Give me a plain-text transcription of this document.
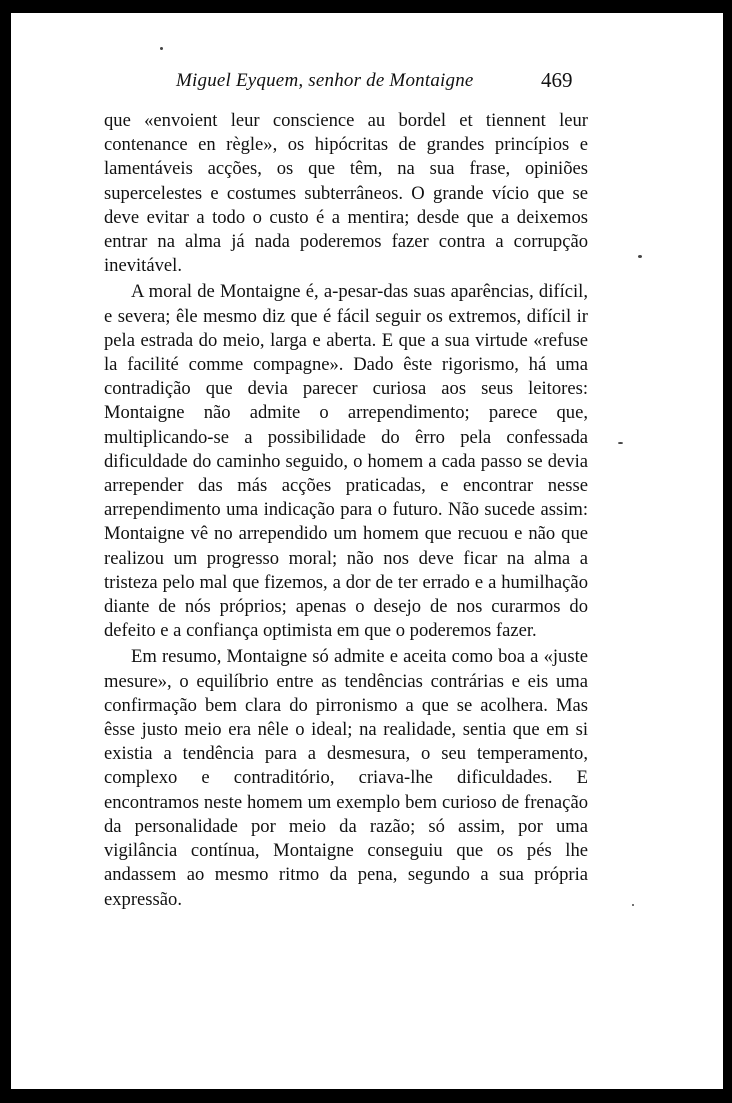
Miguel Eyquem, senhor de Montaigne	469

que «envoient leur conscience au bordel et tiennent leur contenance en règle», os hipócritas de grandes princípios e lamentáveis acções, os que têm, na sua frase, opiniões supercelestes e costumes subterrâneos. O grande vício que se deve evitar a todo o custo é a mentira; desde que a deixemos entrar na alma já nada poderemos fazer contra a corrupção inevitável.

A moral de Montaigne é, a-pesar-das suas aparências, difícil, e severa; êle mesmo diz que é fácil seguir os extremos, difícil ir pela estrada do meio, larga e aberta. E que a sua virtude «refuse la facilité comme compagne». Dado êste rigorismo, há uma contradição que devia parecer curiosa aos seus leitores: Montaigne não admite o arrependimento; parece que, multiplicando-se a possibilidade do êrro pela confessada dificuldade do caminho seguido, o homem a cada passo se devia arrepender das más acções praticadas, e encontrar nesse arrependimento uma indicação para o futuro. Não sucede assim: Montaigne vê no arrependido um homem que recuou e não que realizou um progresso moral; não nos deve ficar na alma a tristeza pelo mal que fizemos, a dor de ter errado e a humilhação diante de nós próprios; apenas o desejo de nos curarmos do defeito e a confiança optimista em que o poderemos fazer.

Em resumo, Montaigne só admite e aceita como boa a «juste mesure», o equilíbrio entre as tendências contrárias e eis uma confirmação bem clara do pirronismo a que se acolhera. Mas êsse justo meio era nêle o ideal; na realidade, sentia que em si existia a tendência para a desmesura, o seu temperamento, complexo e contraditório, criava-lhe dificuldades. E encontramos neste homem um exemplo bem curioso de frenação da personalidade por meio da razão; só assim, por uma vigilância contínua, Montaigne conseguiu que os pés lhe andassem ao mesmo ritmo da pena, segundo a sua própria expressão.
